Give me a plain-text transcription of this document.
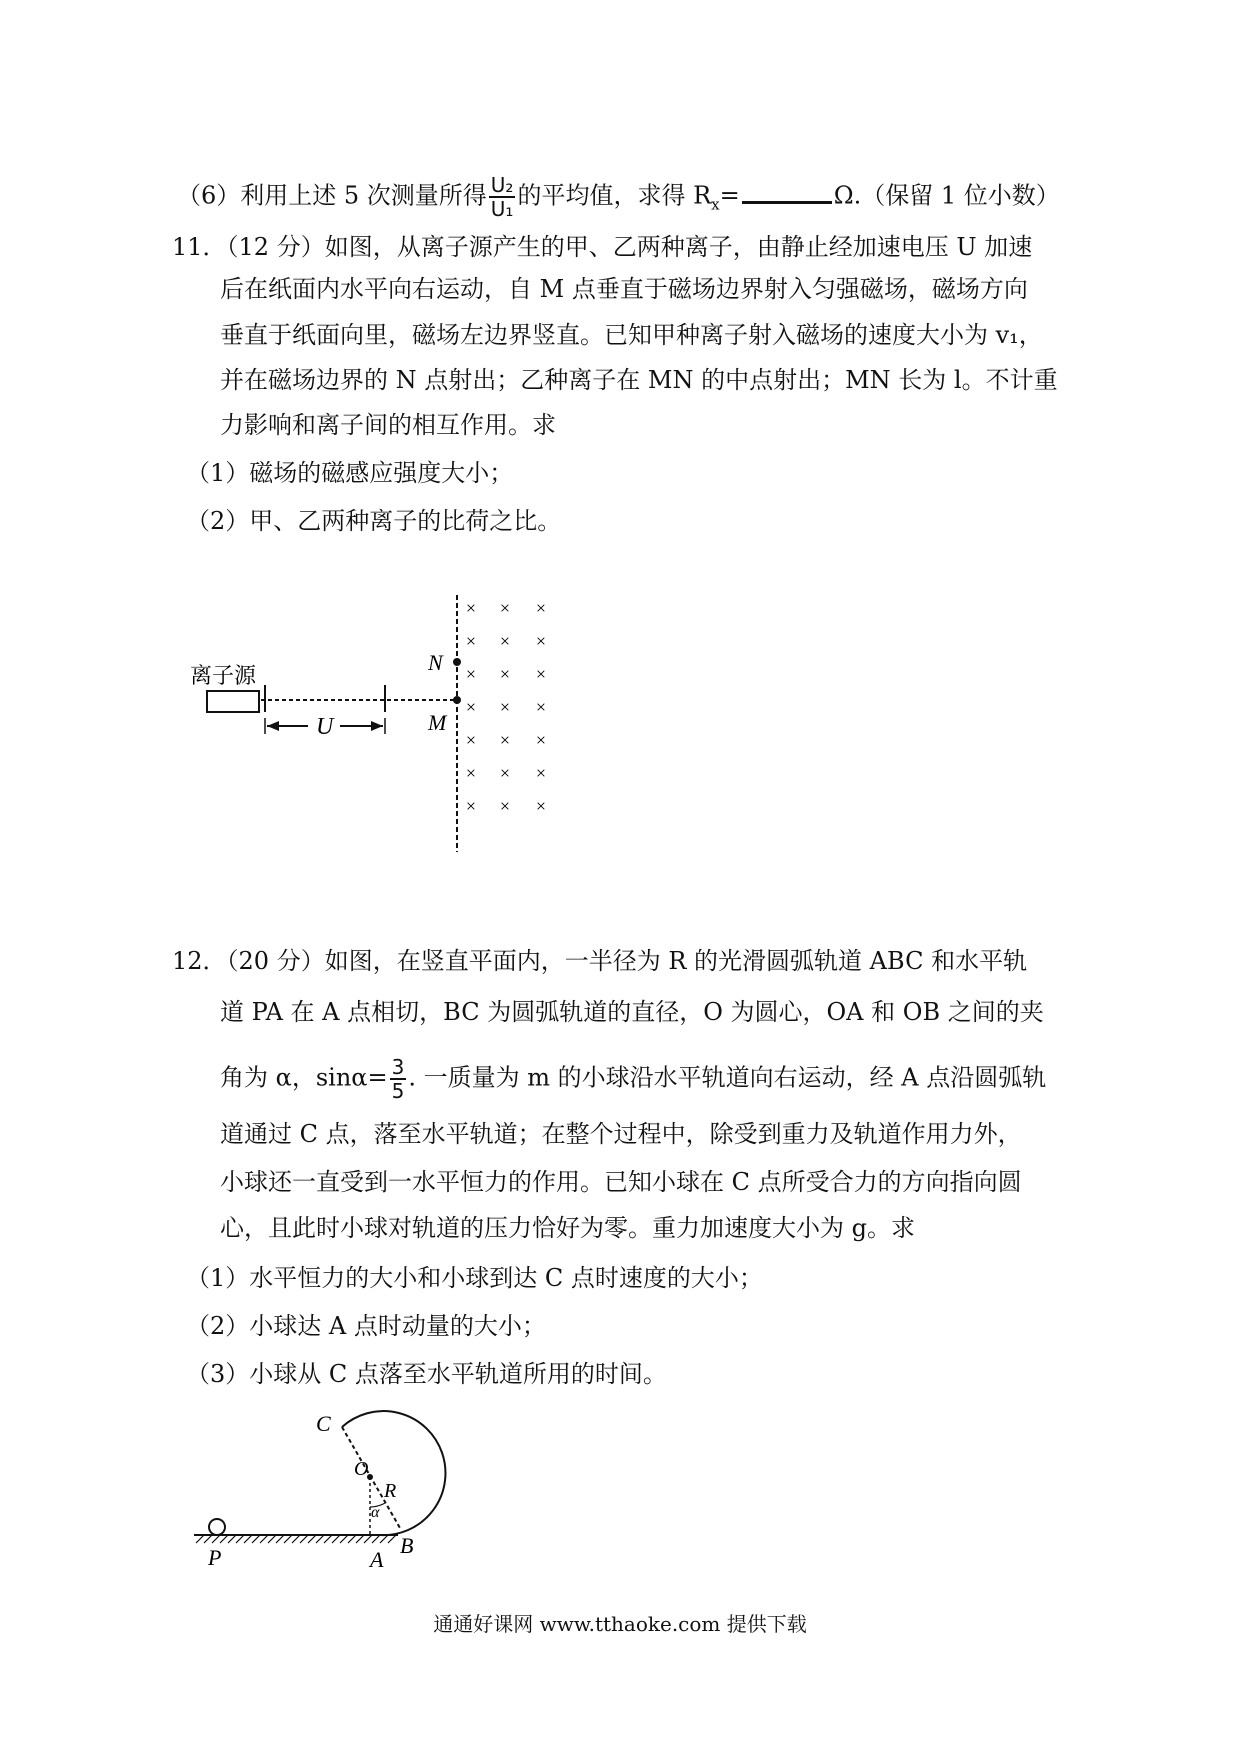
（6）利用上述 5 次测量所得 $\frac{\text{U₂}}{\text{U₁}}$ 的平均值，求得 $R_x=$	Ω.（保留 1 位小数）
11．（12 分）如图，从离子源产生的甲、乙两种离子，由静止经加速电压 U 加速
后在纸面内水平向右运动，自 M 点垂直于磁场边界射入匀强磁场，磁场方向
垂直于纸面向里，磁场左边界竖直。已知甲种离子射入磁场的速度大小为 v₁，
并在磁场边界的 N 点射出；乙种离子在 MN 的中点射出；MN 长为 l。不计重
力影响和离子间的相互作用。求
（1）磁场的磁感应强度大小；
（2）甲、乙两种离子的比荷之比。
离子源
U
N
M
× × ×
× × ×
× × ×
× × ×
× × ×
× × ×
× × ×
12．（20 分）如图，在竖直平面内，一半径为 R 的光滑圆弧轨道 ABC 和水平轨
道 PA 在 A 点相切，BC 为圆弧轨道的直径，O 为圆心，OA 和 OB 之间的夹
角为 α，$\sin\alpha= \frac{3}{5}$ . 一质量为 m 的小球沿水平轨道向右运动，经 A 点沿圆弧轨
道通过 C 点，落至水平轨道；在整个过程中，除受到重力及轨道作用力外，
小球还一直受到一水平恒力的作用。已知小球在 C 点所受合力的方向指向圆
心，且此时小球对轨道的压力恰好为零。重力加速度大小为 g。求
（1）水平恒力的大小和小球到达 C 点时速度的大小；
（2）小球达 A 点时动量的大小；
（3）小球从 C 点落至水平轨道所用的时间。
C
O
R
α
P	A
B
通通好课网 www.tthaoke.com 提供下载
